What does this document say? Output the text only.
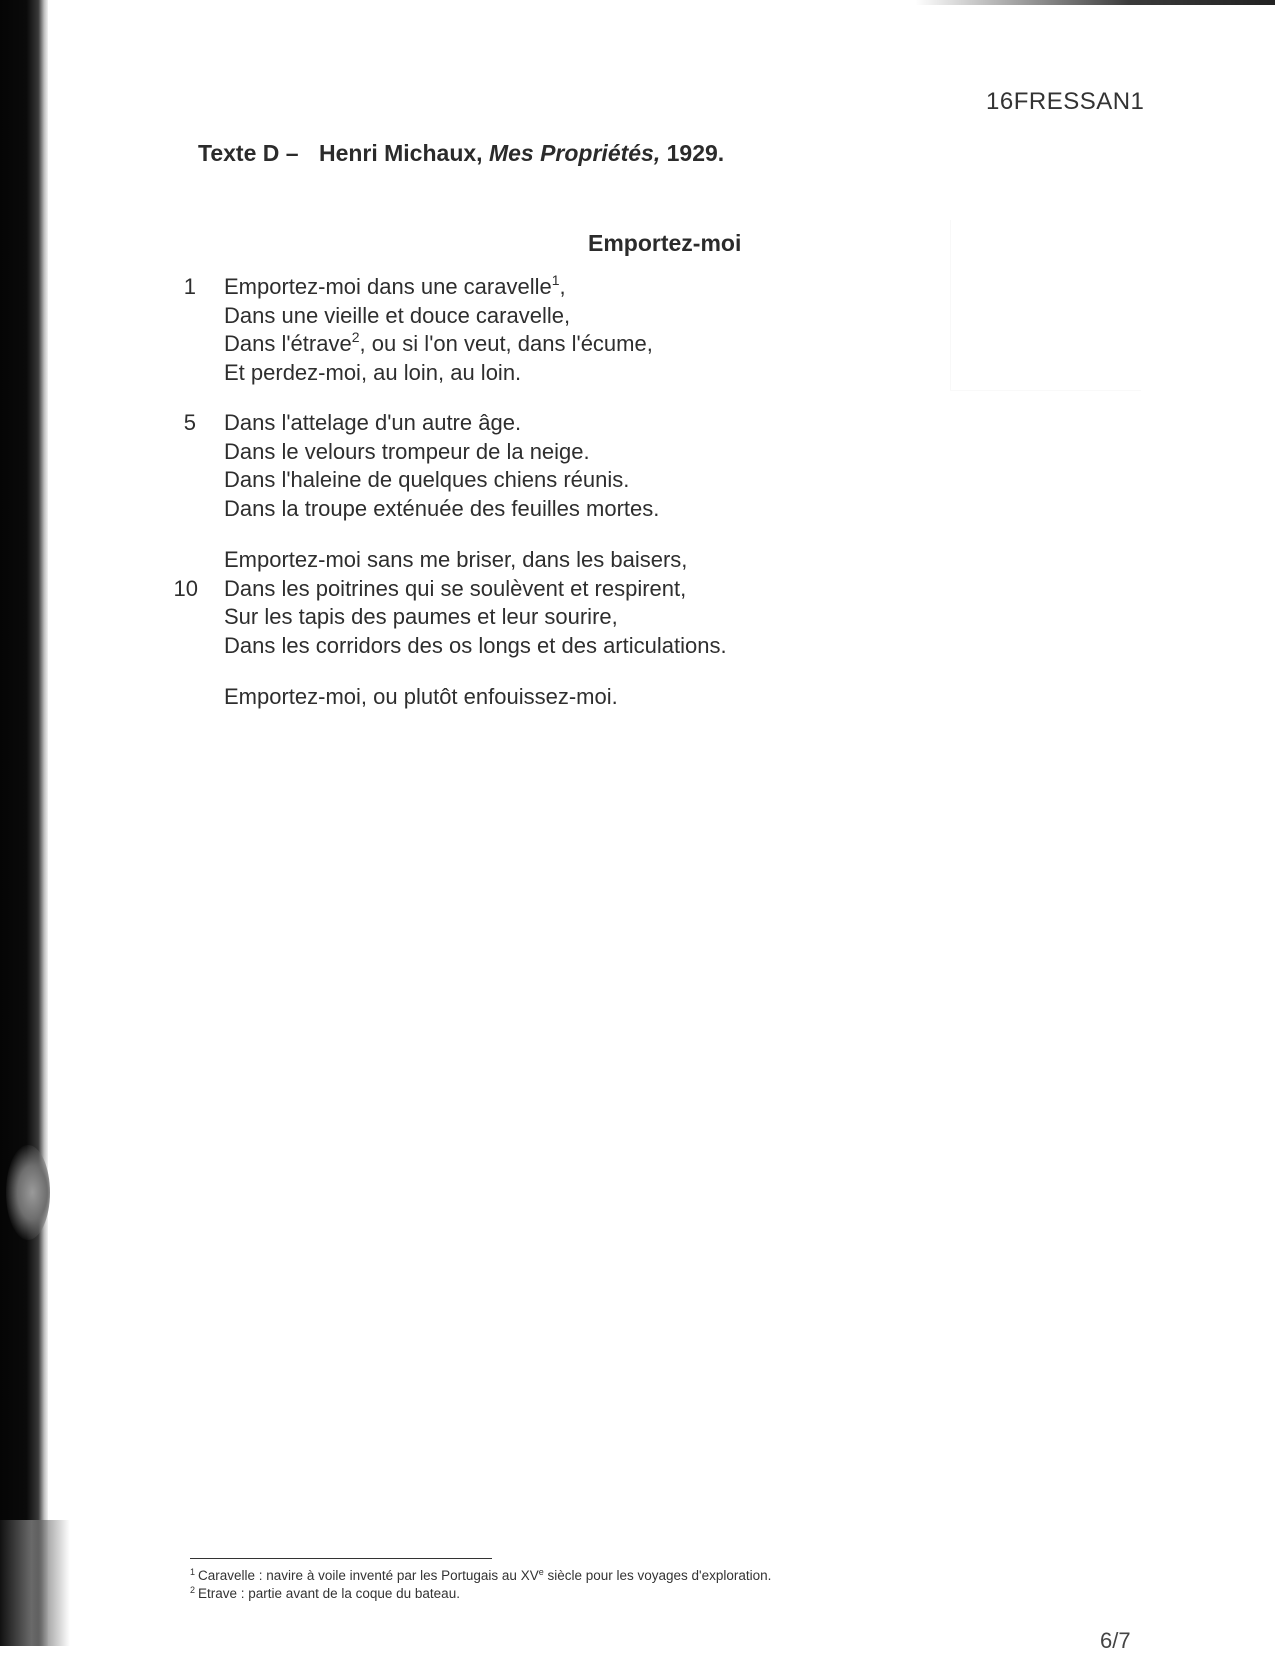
16FRESSAN1
Texte D – Henri Michaux, Mes Propriétés, 1929.
Emportez-moi
1 Emportez-moi dans une caravelle$^1$,
Dans une vieille et douce caravelle,
Dans l'étrave$^2$, ou si l'on veut, dans l'écume,
Et perdez-moi, au loin, au loin.
5 Dans l'attelage d'un autre âge.
Dans le velours trompeur de la neige.
Dans l'haleine de quelques chiens réunis.
Dans la troupe exténuée des feuilles mortes.
Emportez-moi sans me briser, dans les baisers,
10 Dans les poitrines qui se soulèvent et respirent,
Sur les tapis des paumes et leur sourire,
Dans les corridors des os longs et des articulations.
Emportez-moi, ou plutôt enfouissez-moi.
$^1$ Caravelle : navire à voile inventé par les Portugais au XVe siècle pour les voyages d'exploration.
$^2$ Etrave : partie avant de la coque du bateau.
6/7
